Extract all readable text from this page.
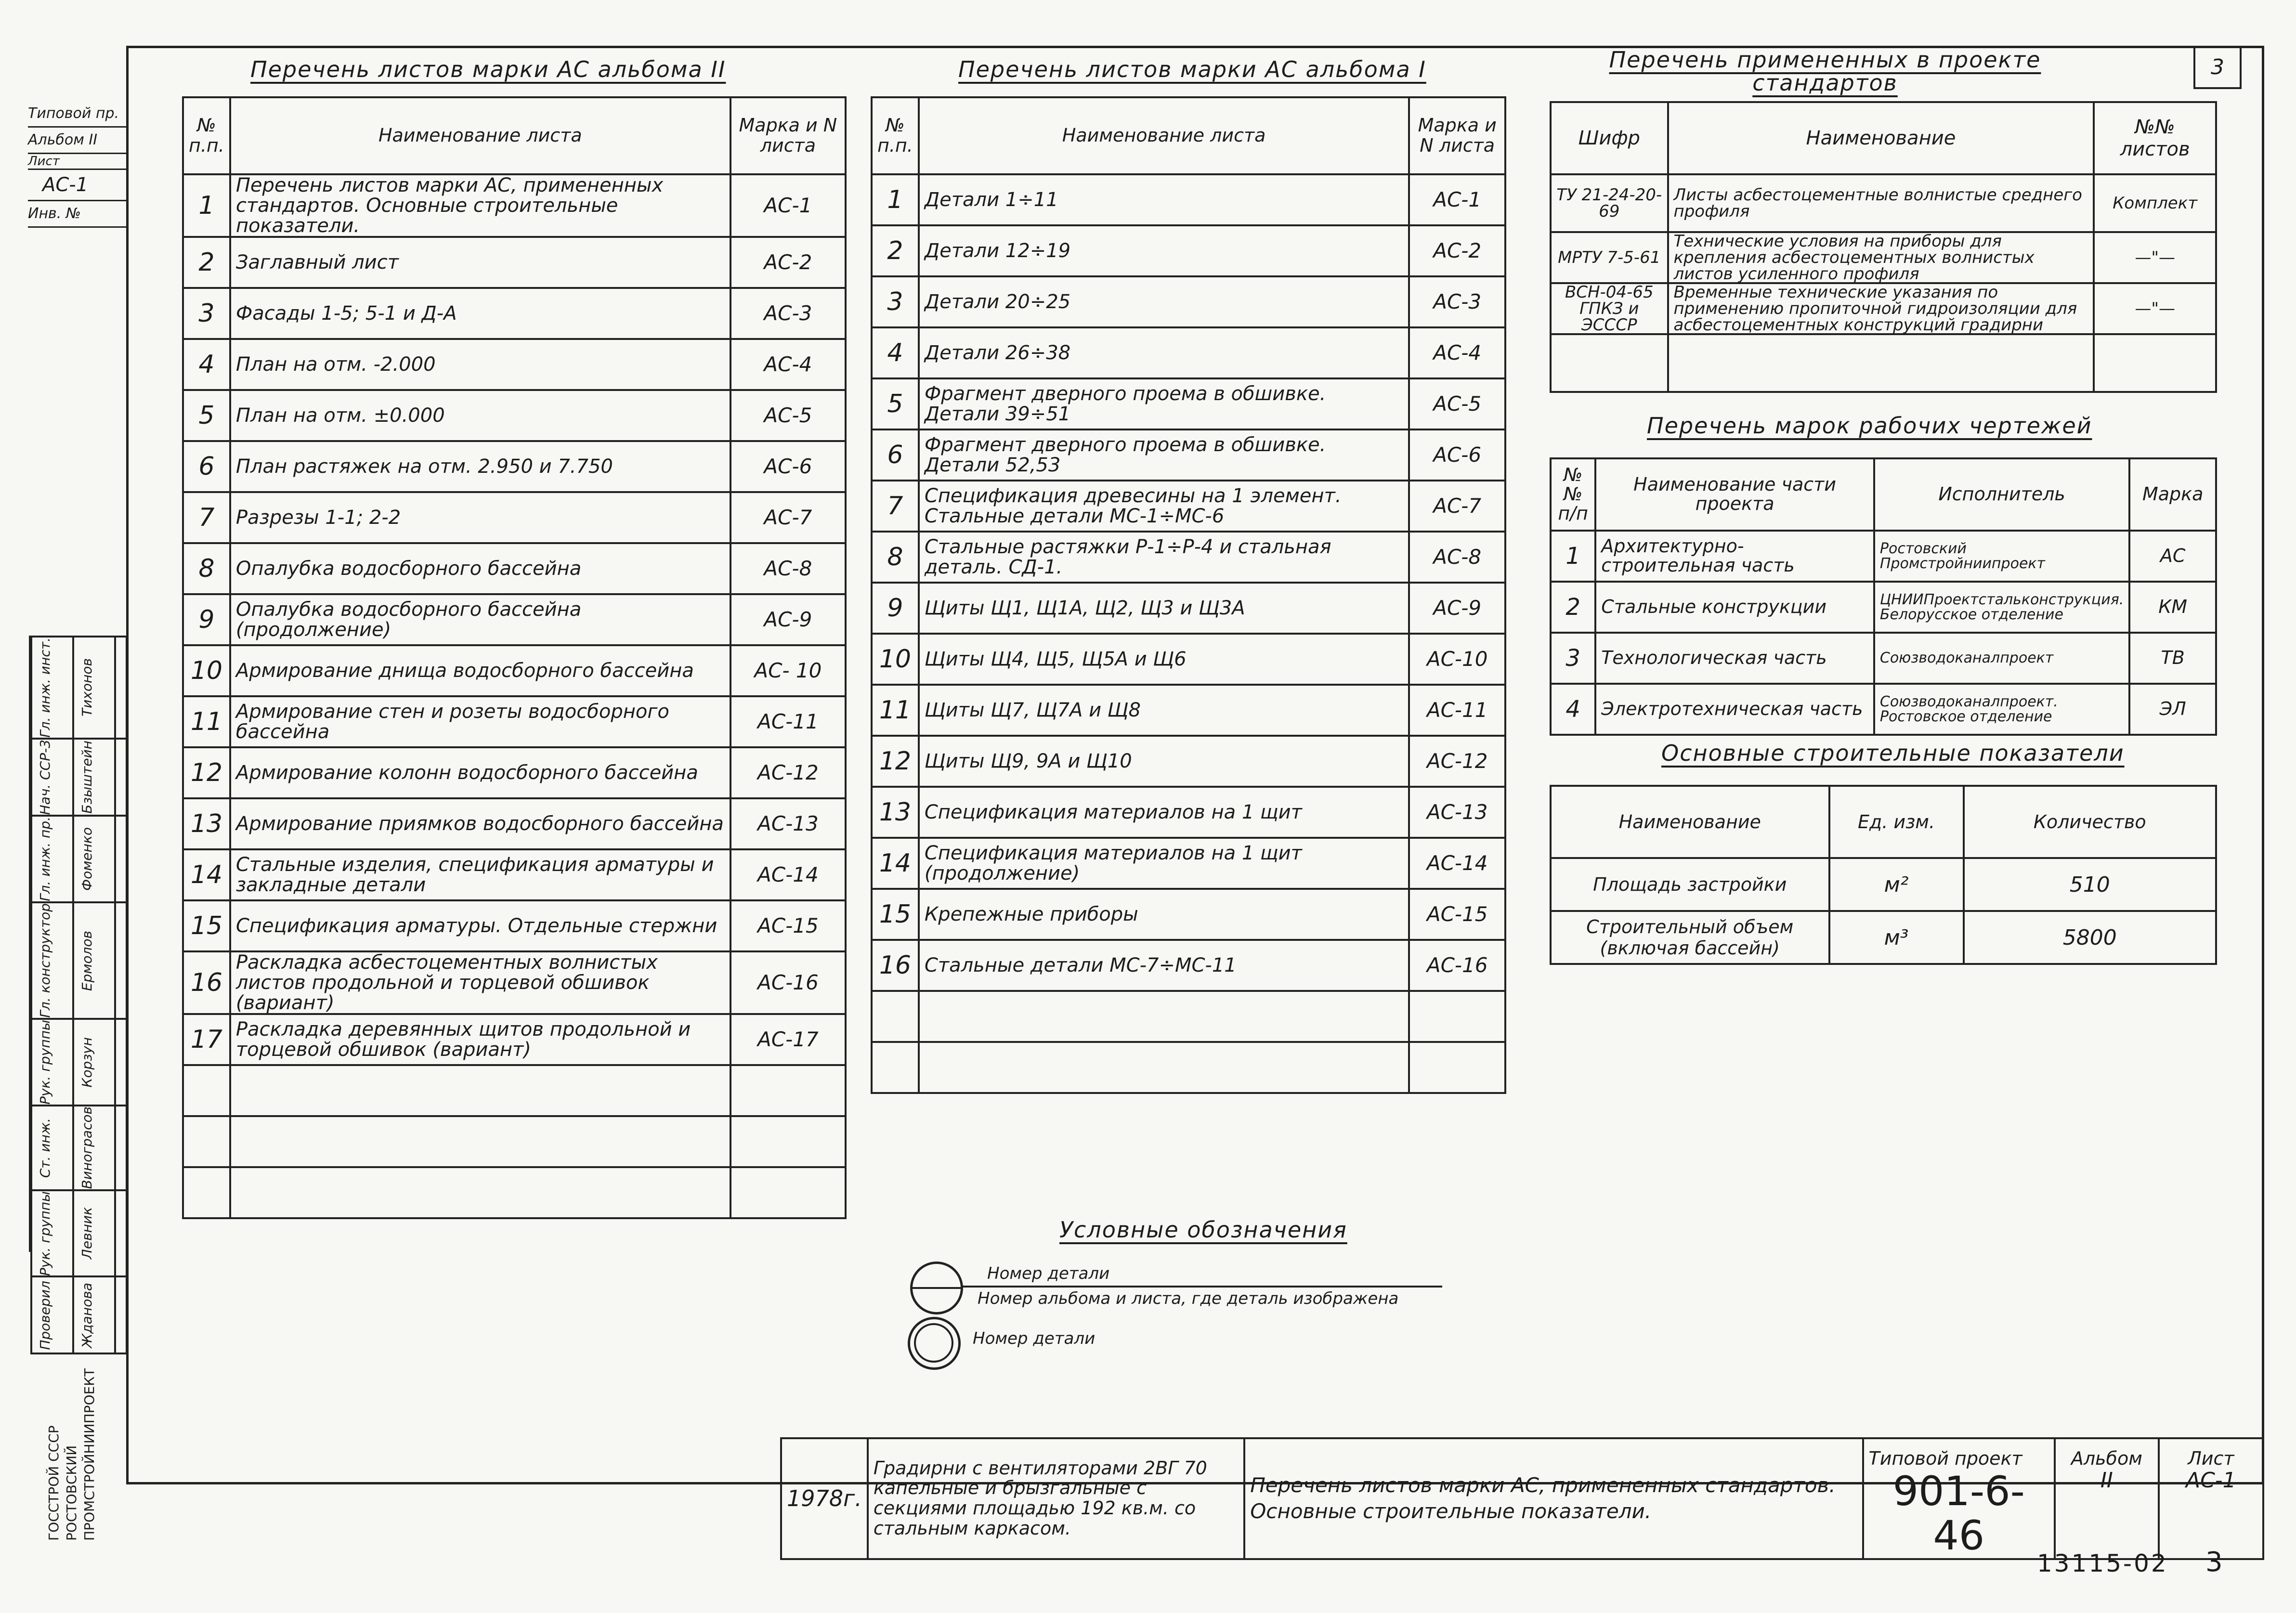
3
Типовой пр.
Альбом II
Лист
АС-1
Инв. №
Гл. инж. инст.	Тихонов	

Нач. ССР-3	Бзыштейн	

Гл. инж. пр.	Фоменко	

Гл. конструктор	Ермолов	

Рук. группы	Корзун	

Ст. инж.	Винограсов	

Рук. группы	Левник	

Проверил	Жданова	

ГОССТРОЙ СССР РОСТОВСКИЙ ПРОМСТРОЙНИИПРОЕКТ
Перечень листов марки АС альбома II
№ п.п.	Наименование листа	Марка и N листа
1	Перечень листов марки АС, примененных стандартов. Основные строительные показатели.	АС-1
2	Заглавный лист	АС-2
3	Фасады 1-5; 5-1 и Д-А	АС-3
4	План на отм. -2.000	АС-4
5	План на отм. ±0.000	АС-5
6	План растяжек на отм. 2.950 и 7.750	АС-6
7	Разрезы 1-1; 2-2	АС-7
8	Опалубка водосборного бассейна	АС-8
9	Опалубка водосборного бассейна (продолжение)	АС-9
10	Армирование днища водосборного бассейна	АС- 10
11	Армирование стен и розеты водосборного бассейна	АС-11
12	Армирование колонн водосборного бассейна	АС-12
13	Армирование приямков водосборного бассейна	АС-13
14	Стальные изделия, спецификация арматуры и закладные детали	АС-14
15	Спецификация арматуры. Отдельные стержни	АС-15
16	Раскладка асбестоцементных волнистых листов продольной и торцевой обшивок (вариант)	АС-16
17	Раскладка деревянных щитов продольной и торцевой обшивок (вариант)	АС-17

Перечень листов марки АС альбома I
№ п.п.	Наименование листа	Марка и N листа
1	Детали 1÷11	АС-1
2	Детали 12÷19	АС-2
3	Детали 20÷25	АС-3
4	Детали 26÷38	АС-4
5	Фрагмент дверного проема в обшивке. Детали 39÷51	АС-5
6	Фрагмент дверного проема в обшивке. Детали 52,53	АС-6
7	Спецификация древесины на 1 элемент. Стальные детали МС-1÷МС-6	АС-7
8	Стальные растяжки Р-1÷Р-4 и стальная деталь. СД-1.	АС-8
9	Щиты Щ1, Щ1А, Щ2, Щ3 и Щ3А	АС-9
10	Щиты Щ4, Щ5, Щ5А и Щ6	АС-10
11	Щиты Щ7, Щ7А и Щ8	АС-11
12	Щиты Щ9, 9А и Щ10	АС-12
13	Спецификация материалов на 1 щит	АС-13
14	Спецификация материалов на 1 щит (продолжение)	АС-14
15	Крепежные приборы	АС-15
16	Стальные детали МС-7÷МС-11	АС-16

Перечень примененных в проекте стандартов
Шифр	Наименование	№№ листов
ТУ 21-24-20-69	Листы асбестоцементные волнистые среднего профиля	Комплект
МРТУ 7-5-61	Технические условия на приборы для крепления асбестоцементных волнистых листов усиленного профиля	—"—
ВСН-04-65 ГПКЗ и ЭСССР	Временные технические указания по применению пропиточной гидроизоляции для асбестоцементных конструкций градирни	—"—

Перечень марок рабочих чертежей
№№ п/п	Наименование части проекта	Исполнитель	Марка
1	Архитектурно-строительная часть	Ростовский Промстройниипроект	АС
2	Стальные конструкции	ЦНИИПроектстальконструкция. Белорусское отделение	КМ
3	Технологическая часть	Союзводоканалпроект	ТВ
4	Электротехническая часть	Союзводоканалпроект. Ростовское отделение	ЭЛ
Основные строительные показатели
Наименование	Ед. изм.	Количество
Площадь застройки	м²	510
Строительный объем (включая бассейн)	м³	5800
Условные обозначения
Номер детали
Номер альбома и листа, где деталь изображена
Номер детали
1978г.	Градирни с вентиляторами 2ВГ 70 капельные и брызгальные с секциями площадью 192 кв.м. со стальным каркасом.	Перечень листов марки АС, примененных стандартов. Основные строительные показатели.	
Типовой проект
901-6-46

Альбом
II

Лист
АС-1
13115-02 3
